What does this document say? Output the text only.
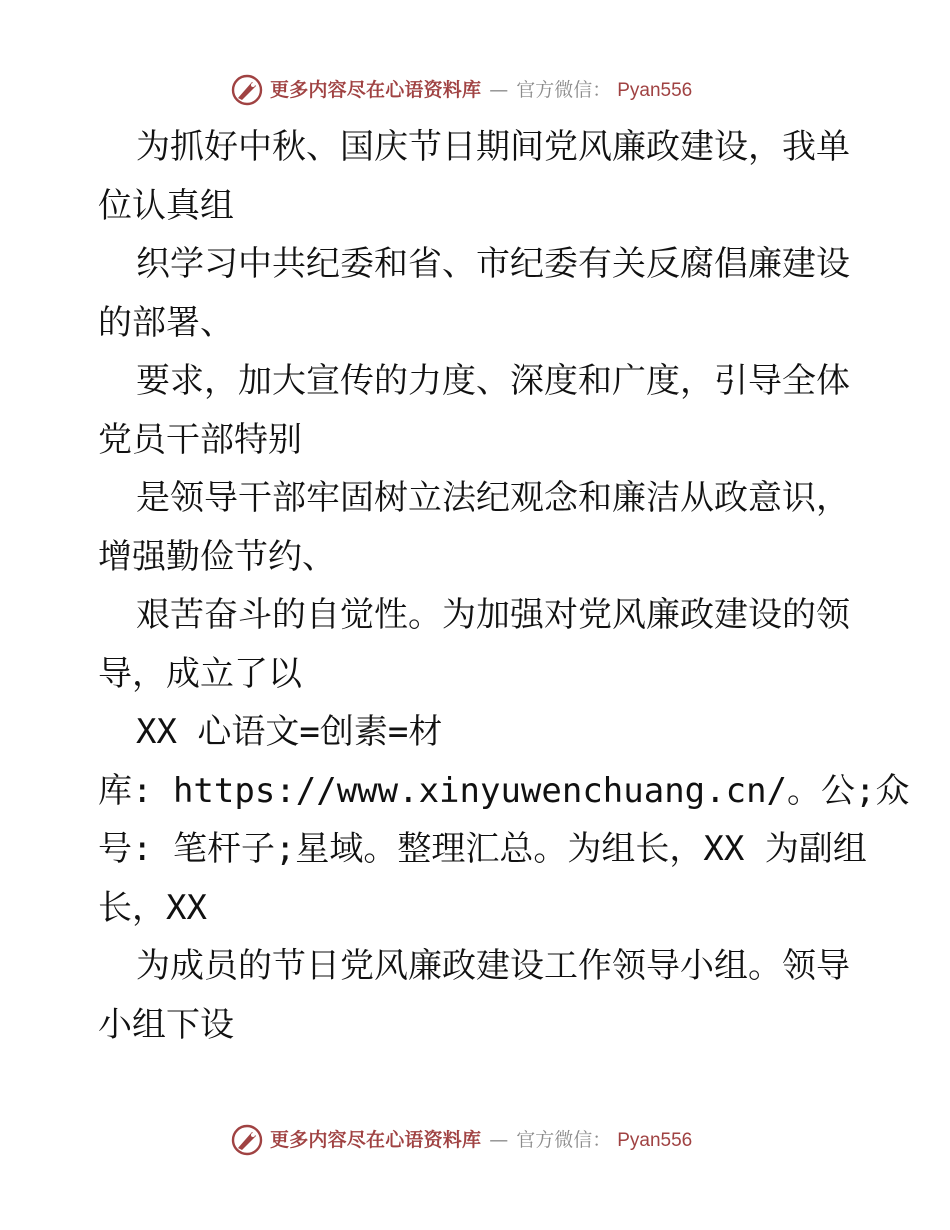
更多内容尽在心语资料库 — 官方微信： Pyan556
为抓好中秋、国庆节日期间党风廉政建设，我单
位认真组
织学习中共纪委和省、市纪委有关反腐倡廉建设
的部署、
要求，加大宣传的力度、深度和广度，引导全体
党员干部特别
是领导干部牢固树立法纪观念和廉洁从政意识，
增强勤俭节约、
艰苦奋斗的自觉性。为加强对党风廉政建设的领
导，成立了以
XX 心语文=创素=材
库: https://www.xinyuwenchuang.cn/。公;众
号: 笔杆子;星域。整理汇总。为组长，XX 为副组
长，XX
为成员的节日党风廉政建设工作领导小组。领导
小组下设
更多内容尽在心语资料库 — 官方微信： Pyan556
